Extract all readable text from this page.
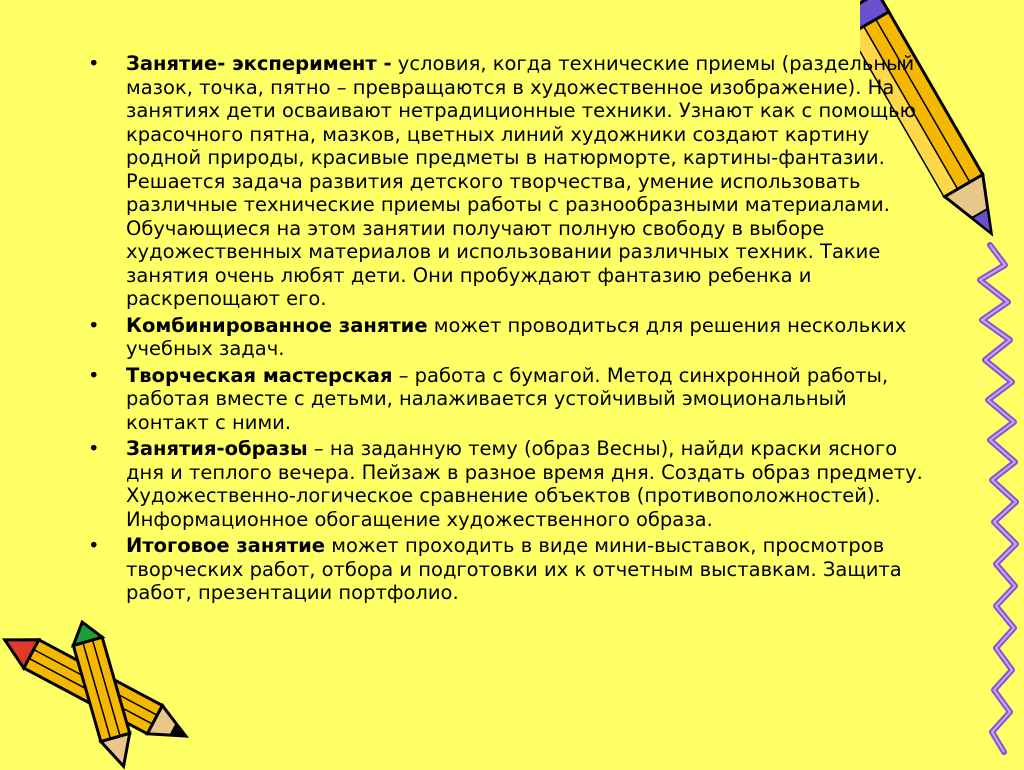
• Занятие- эксперимент - условия, когда технические приемы (раздельный мазок, точка, пятно – превращаются в художественное изображение). На занятиях дети осваивают нетрадиционные техники. Узнают как с помощью красочного пятна, мазков, цветных линий художники создают картину родной природы, красивые предметы в натюрморте, картины-фантазии. Решается задача развития детского творчества, умение использовать различные технические приемы работы с разнообразными материалами. Обучающиеся на этом занятии получают полную свободу в выборе художественных материалов и использовании различных техник. Такие занятия очень любят дети. Они пробуждают фантазию ребенка и раскрепощают его.
• Комбинированное занятие может проводиться для решения нескольких учебных задач.
• Творческая мастерская – работа с бумагой. Метод синхронной работы, работая вместе с детьми, налаживается устойчивый эмоциональный контакт с ними.
• Занятия-образы – на заданную тему (образ Весны), найди краски ясного дня и теплого вечера. Пейзаж в разное время дня. Создать образ предмету. Художественно-логическое сравнение объектов (противоположностей). Информационное обогащение художественного образа.
• Итоговое занятие может проходить в виде мини-выставок, просмотров творческих работ, отбора и подготовки их к отчетным выставкам. Защита работ, презентации портфолио.
